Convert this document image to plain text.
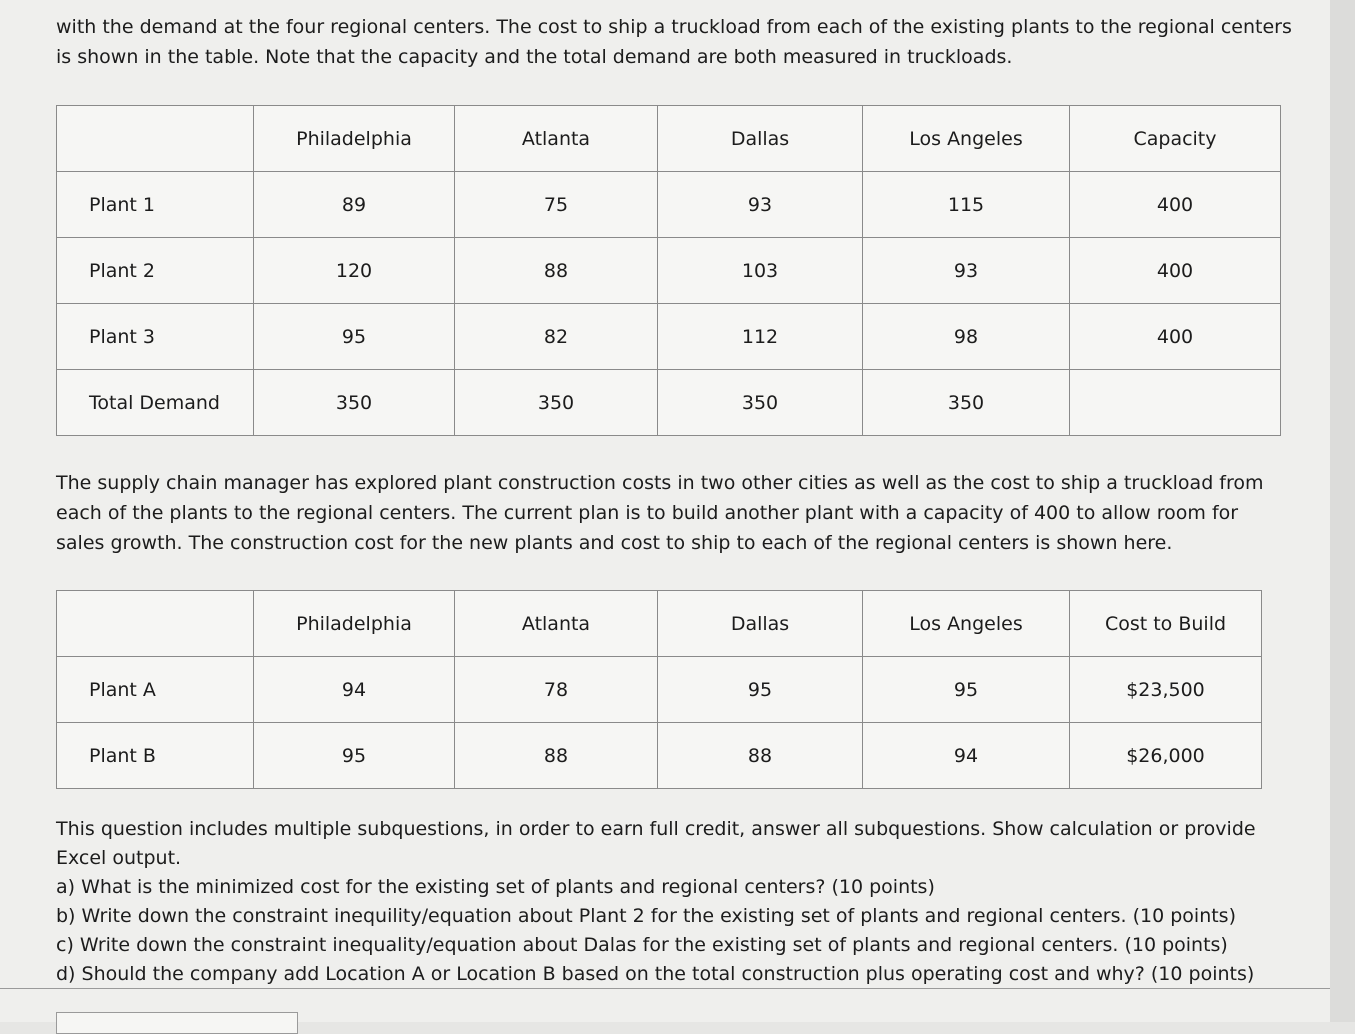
with the demand at the four regional centers. The cost to ship a truckload from each of the existing plants to the regional centers is shown in the table. Note that the capacity and the total demand are both measured in truckloads.

	Philadelphia	Atlanta	Dallas	Los Angeles	Capacity
Plant 1	89	75	93	115	400
Plant 2	120	88	103	93	400
Plant 3	95	82	112	98	400
Total Demand	350	350	350	350	

The supply chain manager has explored plant construction costs in two other cities as well as the cost to ship a truckload from each of the plants to the regional centers. The current plan is to build another plant with a capacity of 400 to allow room for sales growth. The construction cost for the new plants and cost to ship to each of the regional centers is shown here.

	Philadelphia	Atlanta	Dallas	Los Angeles	Cost to Build
Plant A	94	78	95	95	$23,500
Plant B	95	88	88	94	$26,000
This question includes multiple subquestions, in order to earn full credit, answer all subquestions. Show calculation or provide Excel output.
a) What is the minimized cost for the existing set of plants and regional centers? (10 points)
b) Write down the constraint inequility/equation about Plant 2 for the existing set of plants and regional centers. (10 points)
c) Write down the constraint inequality/equation about Dalas for the existing set of plants and regional centers. (10 points)
d) Should the company add Location A or Location B based on the total construction plus operating cost and why? (10 points)
